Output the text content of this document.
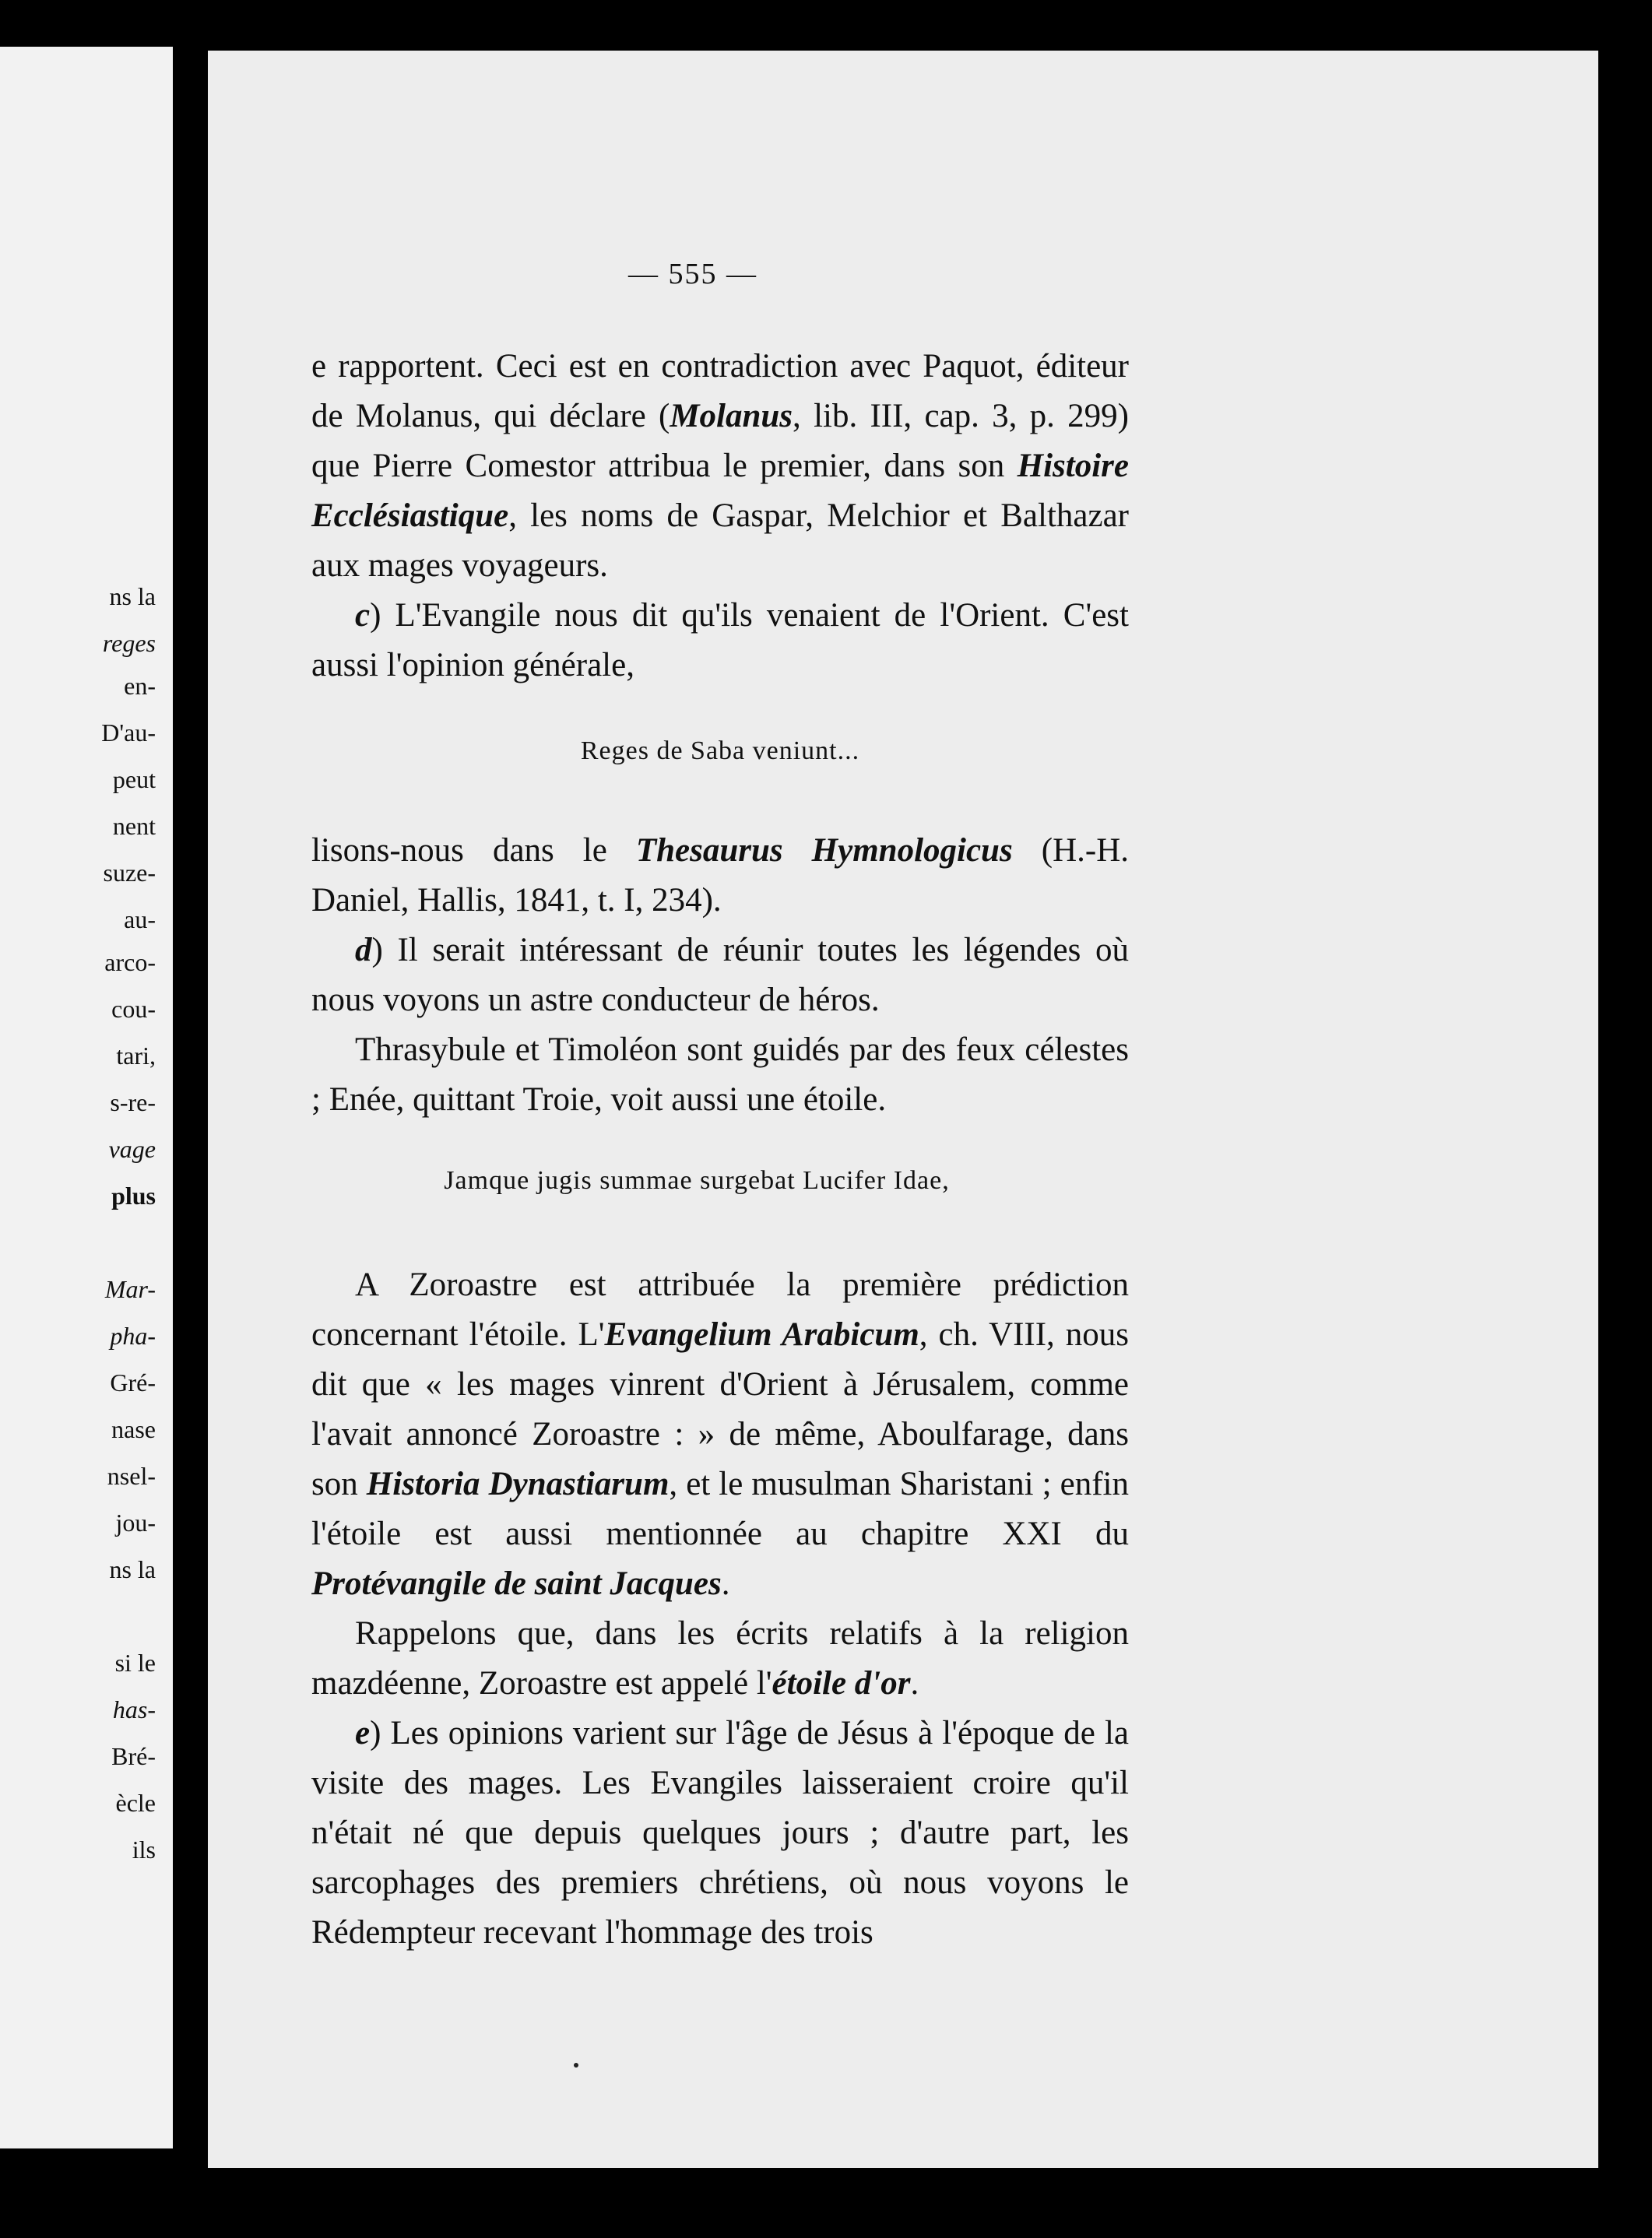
ns la
reges
en-
D'au-
peut
nent
suze-
au-
arco-
cou-
tari,
s-re-
vage
plus
Mar-
pha-
Gré-
nase
nsel-
jou-
ns la
si le
has-
Bré-
ècle
ils
— 555 —

e rapportent. Ceci est en contradiction avec Paquot, éditeur de Molanus, qui déclare (Molanus, lib. III, cap. 3, p. 299) que Pierre Comestor attribua le premier, dans son Histoire Ecclésiastique, les noms de Gaspar, Melchior et Balthazar aux mages voyageurs.

c) L'Evangile nous dit qu'ils venaient de l'Orient. C'est aussi l'opinion générale,

Reges de Saba veniunt...

lisons-nous dans le Thesaurus Hymnologicus (H.-H. Daniel, Hallis, 1841, t. I, 234).

d) Il serait intéressant de réunir toutes les légendes où nous voyons un astre conducteur de héros.

Thrasybule et Timoléon sont guidés par des feux célestes ; Enée, quittant Troie, voit aussi une étoile.

Jamque jugis summae surgebat Lucifer Idae,

A Zoroastre est attribuée la première prédiction concernant l'étoile. L'Evangelium Arabicum, ch. VIII, nous dit que « les mages vinrent d'Orient à Jérusalem, comme l'avait annoncé Zoroastre : » de même, Aboulfarage, dans son Historia Dynastiarum, et le musulman Sharistani ; enfin l'étoile est aussi mentionnée au chapitre XXI du Protévangile de saint Jacques.

Rappelons que, dans les écrits relatifs à la religion mazdéenne, Zoroastre est appelé l'étoile d'or.

e) Les opinions varient sur l'âge de Jésus à l'époque de la visite des mages. Les Evangiles laisseraient croire qu'il n'était né que depuis quelques jours ; d'autre part, les sarcophages des premiers chrétiens, où nous voyons le Rédempteur recevant l'hommage des trois
